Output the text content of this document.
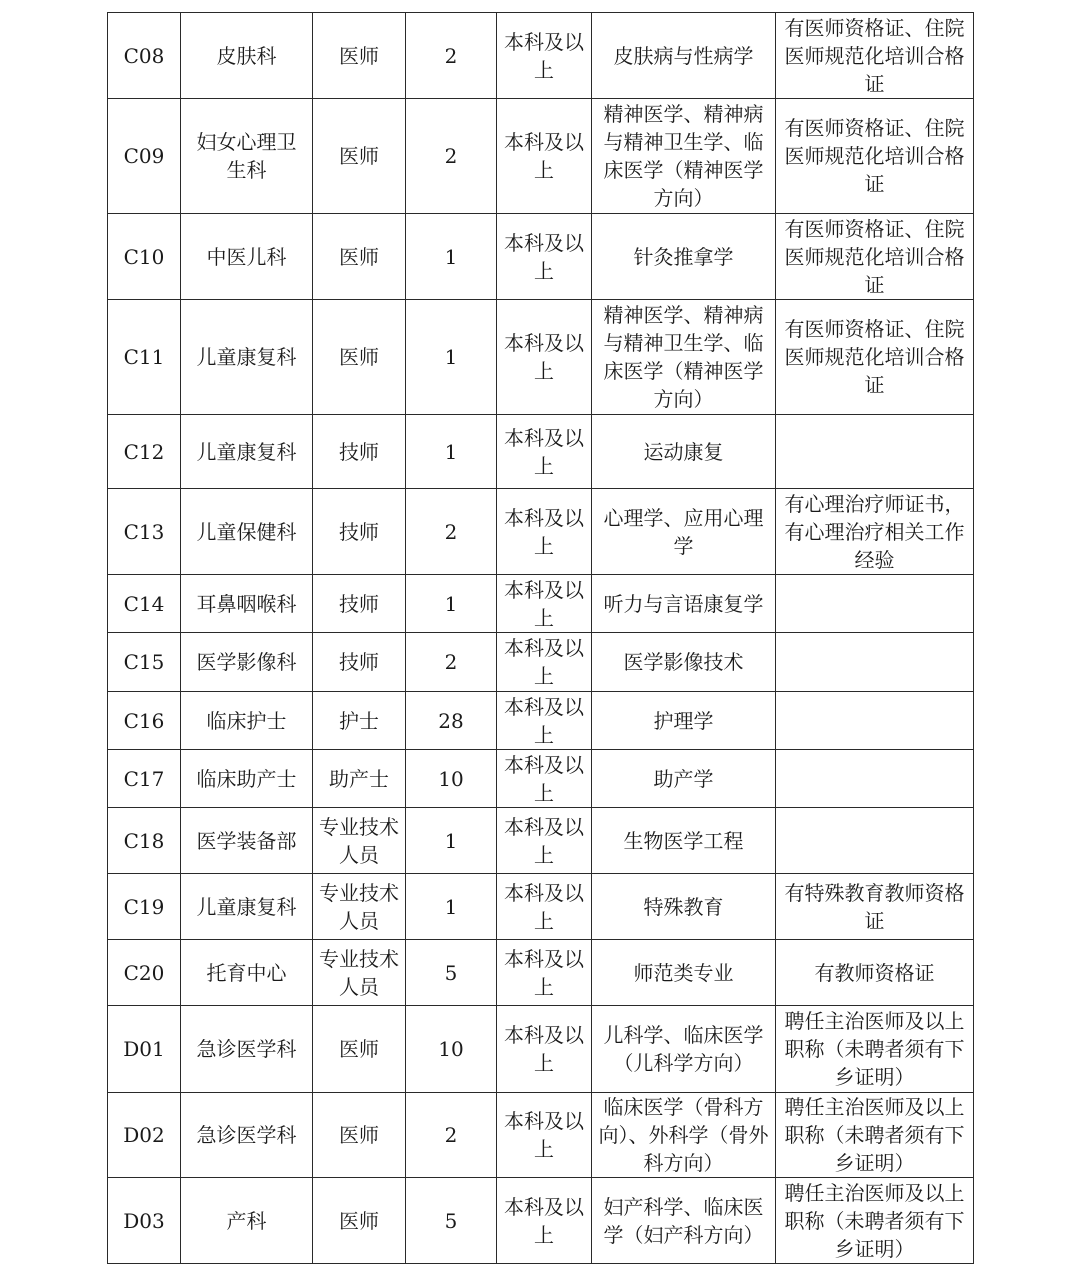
C08	皮肤科	医师	2	本科及以上	皮肤病与性病学	有医师资格证、住院医师规范化培训合格证
C09	妇女心理卫生科	医师	2	本科及以上	精神医学、精神病与精神卫生学、临床医学（精神医学方向）	有医师资格证、住院医师规范化培训合格证
C10	中医儿科	医师	1	本科及以上	针灸推拿学	有医师资格证、住院医师规范化培训合格证
C11	儿童康复科	医师	1	本科及以上	精神医学、精神病与精神卫生学、临床医学（精神医学方向）	有医师资格证、住院医师规范化培训合格证
C12	儿童康复科	技师	1	本科及以上	运动康复	
C13	儿童保健科	技师	2	本科及以上	心理学、应用心理学	有心理治疗师证书，有心理治疗相关工作经验
C14	耳鼻咽喉科	技师	1	本科及以上	听力与言语康复学	
C15	医学影像科	技师	2	本科及以上	医学影像技术	
C16	临床护士	护士	28	本科及以上	护理学	
C17	临床助产士	助产士	10	本科及以上	助产学	
C18	医学装备部	专业技术人员	1	本科及以上	生物医学工程	
C19	儿童康复科	专业技术人员	1	本科及以上	特殊教育	有特殊教育教师资格证
C20	托育中心	专业技术人员	5	本科及以上	师范类专业	有教师资格证
D01	急诊医学科	医师	10	本科及以上	儿科学、临床医学（儿科学方向）	聘任主治医师及以上职称（未聘者须有下乡证明）
D02	急诊医学科	医师	2	本科及以上	临床医学（骨科方向）、外科学（骨外科方向）	聘任主治医师及以上职称（未聘者须有下乡证明）
D03	产科	医师	5	本科及以上	妇产科学、临床医学（妇产科方向）	聘任主治医师及以上职称（未聘者须有下乡证明）
